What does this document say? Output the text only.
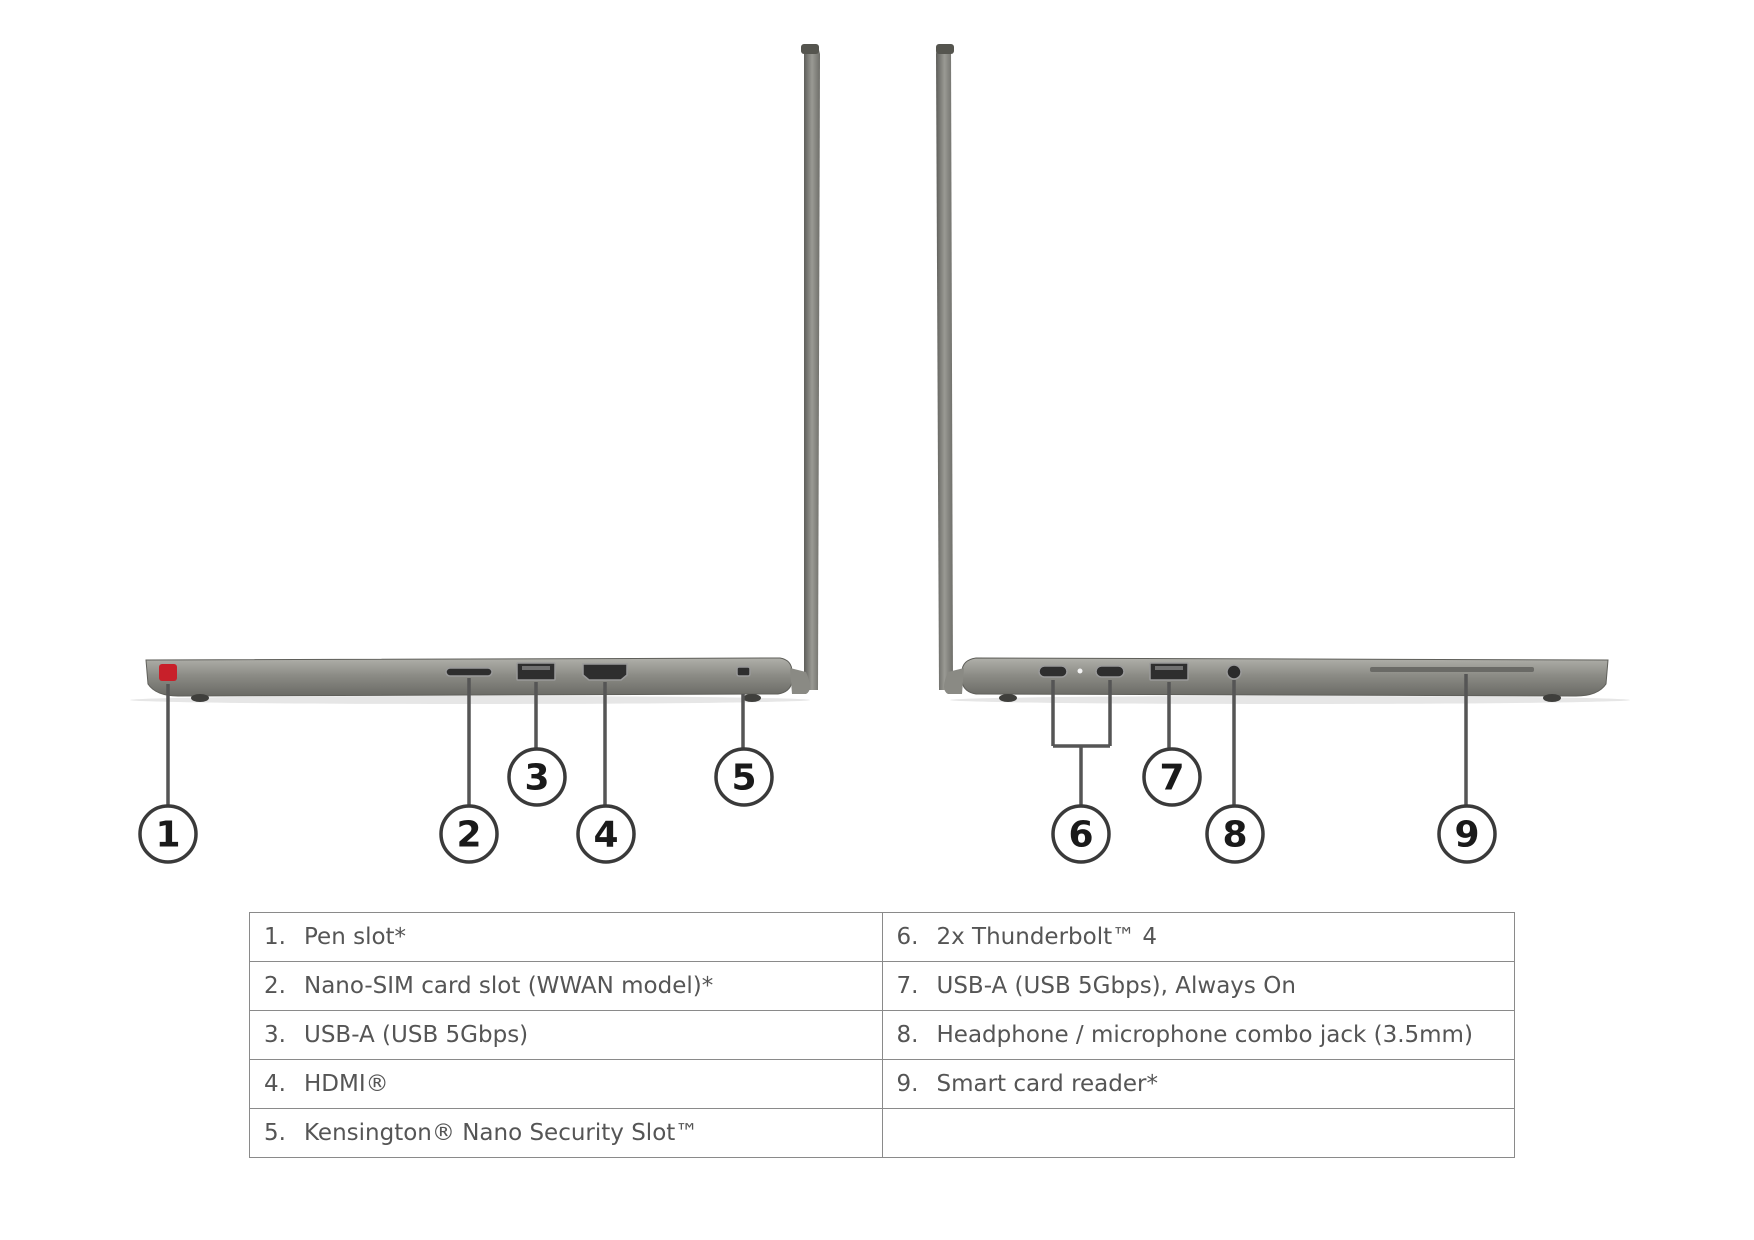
1	2
3
4
5
6
7
8	9
1. Pen slot*	6. 2x Thunderbolt™ 4
2. Nano-SIM card slot (WWAN model)*	7. USB-A (USB 5Gbps), Always On
3. USB-A (USB 5Gbps)	8. Headphone / microphone combo jack (3.5mm)
4. HDMI®	9. Smart card reader*
5. Kensington® Nano Security Slot™	
